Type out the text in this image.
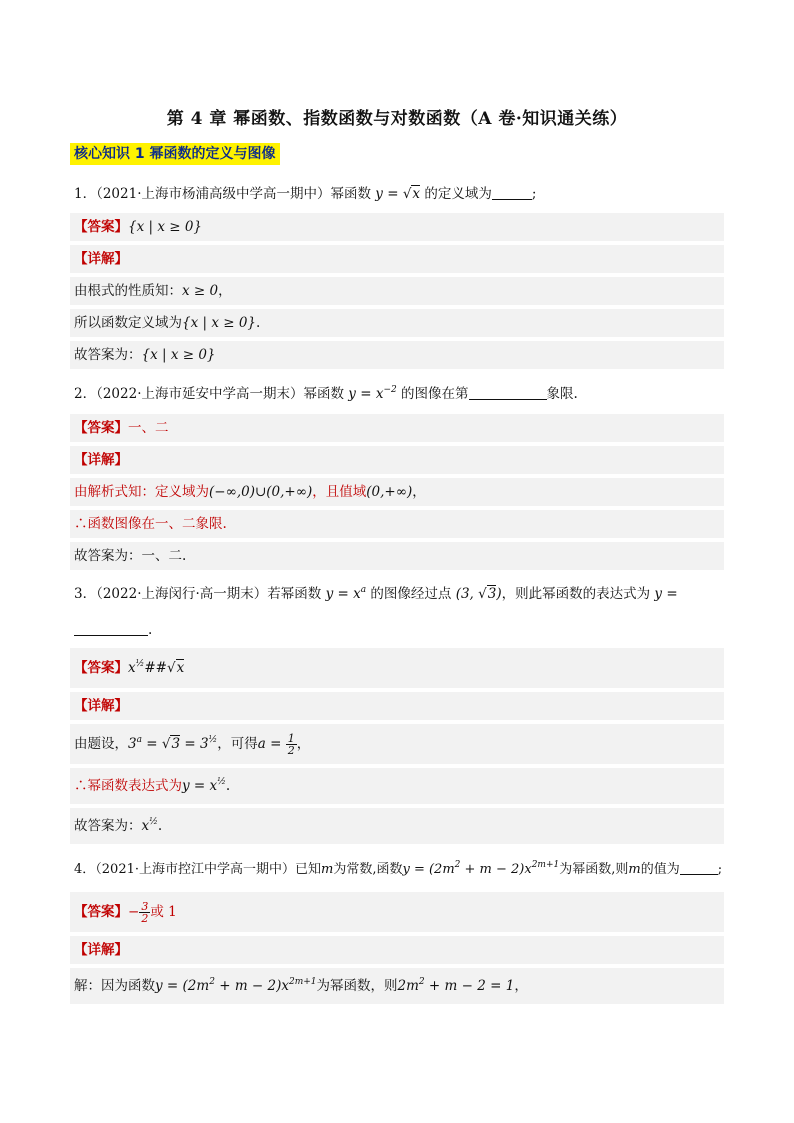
第 4 章 幂函数、指数函数与对数函数（A 卷·知识通关练）
核心知识 1 幂函数的定义与图像
1．（2021·上海市杨浦高级中学高一期中）幂函数 y = √x 的定义域为	;
【答案】{x | x ≥ 0}
【详解】
由根式的性质知：x ≥ 0，
所以函数定义域为{x | x ≥ 0}.
故答案为：{x | x ≥ 0}
2．（2022·上海市延安中学高一期末）幂函数 $y = x^{-2}$ 的图像在第	象限.
【答案】一、二
【详解】
由解析式知：定义域为(−∞,0)∪(0,+∞)，且值域(0,+∞)，
∴函数图像在一、二象限.
故答案为：一、二.
3．（2022·上海闵行·高一期末）若幂函数 $y = x^a$ 的图像经过点 (3, √3)，则此幂函数的表达式为 y =
.
【答案】$x^{\frac{1}{2}}\#\#√x$
【详解】
由题设，$3^a = √3 = 3^{\frac{1}{2}}$，可得$a = \frac{1}{2}$ ，
∴幂函数表达式为$y = x^{\frac{1}{2}}$.
故答案为：$x^{\frac{1}{2}}$.
4．（2021·上海市控江中学高一期中）已知m为常数,函数$y = (2m^2 + m - 2)x^{2m+1}$为幂函数,则m的值为	;
【答案】− $\frac{3}{2}$ 或 1
【详解】
解：因为函数$y = (2m^2 + m - 2)x^{2m+1}$为幂函数，则$2m^2 + m - 2 = 1$，
